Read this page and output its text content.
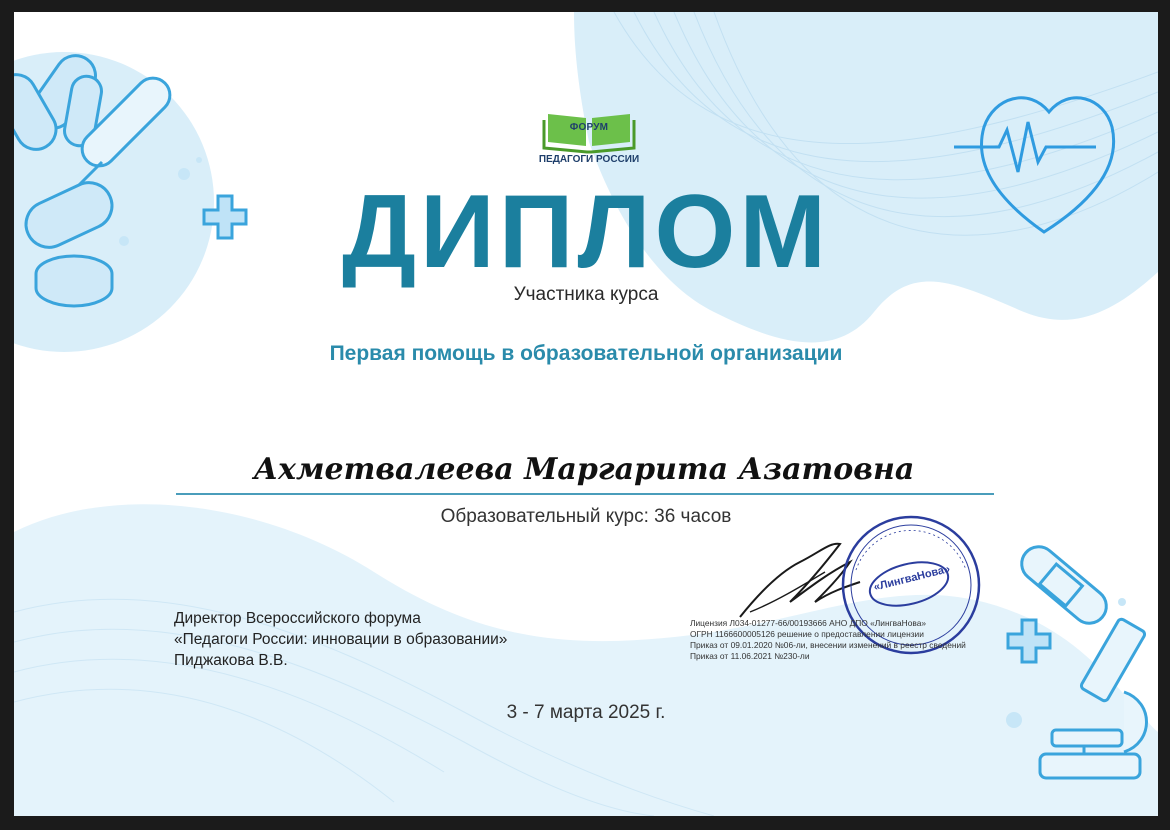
ФОРУМ
ПЕДАГОГИ РОССИИ
ДИПЛОМ
Участника курса
Первая помощь в образовательной организации
Ахметвалеева Маргарита Азатовна
Образовательный курс: 36 часов
Директор Всероссийского форума
«Педагоги России: инновации в образовании»
Пиджакова В.В.
«ЛингваНова»
Лицензия Л034-01277-66/00193666 АНО ДПО «ЛингваНова»
ОГРН 1166600005126 решение о предоставлении лицензии
Приказ от 09.01.2020 №06-ли, внесении изменений в реестр сведений
Приказ от 11.06.2021 №230-ли
3 - 7 марта 2025 г.
